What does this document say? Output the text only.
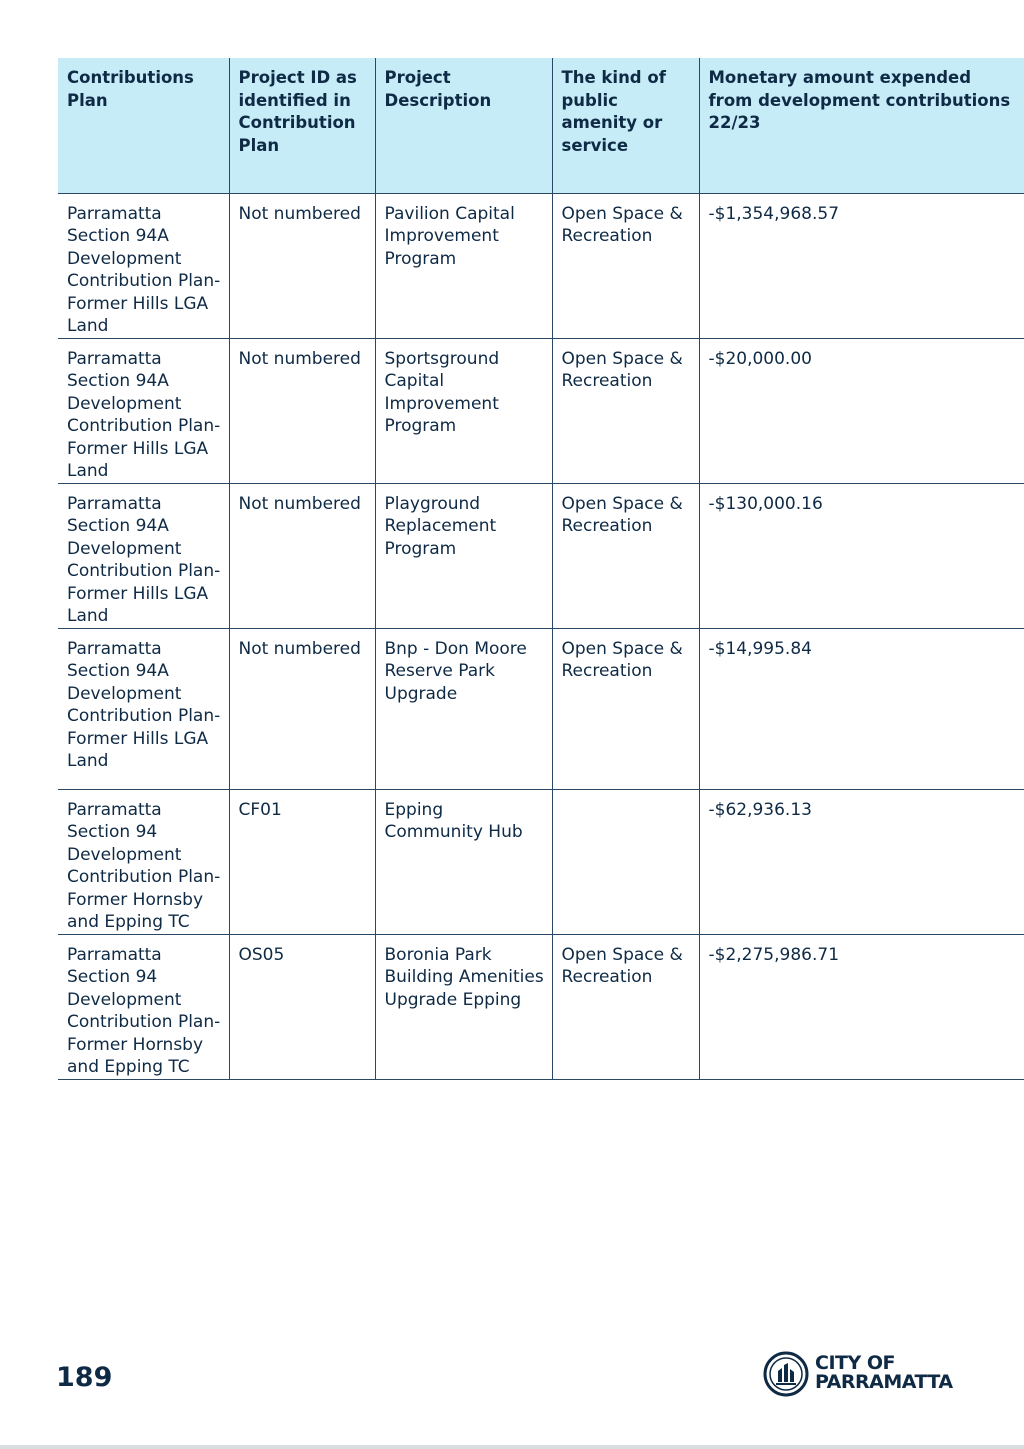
Contributions Plan	Project ID as identified in Contribution Plan	Project Description	The kind of public amenity or service	Monetary amount expended from development contributions 22/23

Parramatta Section 94A Development Contribution Plan-Former Hills LGA Land	Not numbered	Pavilion Capital Improvement Program	Open Space & Recreation	-$1,354,968.57

Parramatta Section 94A Development Contribution Plan-Former Hills LGA Land	Not numbered	Sportsground Capital Improvement Program	Open Space & Recreation	-$20,000.00

Parramatta Section 94A Development Contribution Plan-Former Hills LGA Land	Not numbered	Playground Replacement Program	Open Space & Recreation	-$130,000.16

Parramatta Section 94A Development Contribution Plan-Former Hills LGA Land	Not numbered	Bnp - Don Moore Reserve Park Upgrade	Open Space & Recreation	-$14,995.84

Parramatta Section 94 Development Contribution Plan-Former Hornsby and Epping TC	CF01	Epping Community Hub		-$62,936.13

Parramatta Section 94 Development Contribution Plan-Former Hornsby and Epping TC	OS05	Boronia Park Building Amenities Upgrade Epping	Open Space & Recreation	-$2,275,986.71
189	CITY OF
PARRAMATTA
